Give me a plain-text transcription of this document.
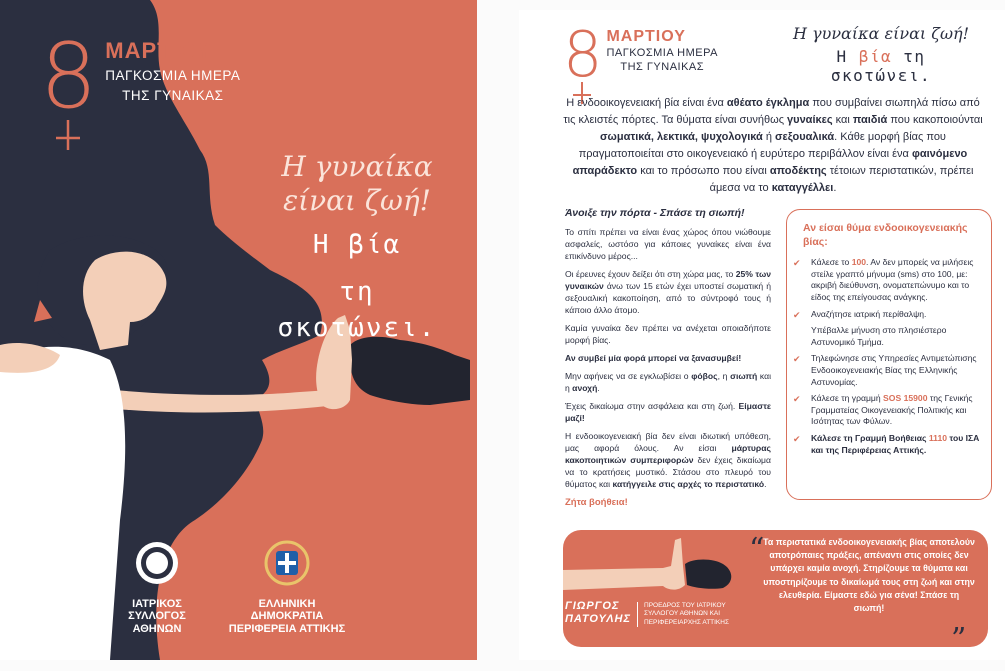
8 ΜΑΡΤΙΟΥ
ΠΑΓΚΟΣΜΙΑ ΗΜΕΡΑ
ΤΗΣ ΓΥΝΑΙΚΑΣ
Η γυναίκα
είναι ζωή!
Η βία
τη σκοτώνει.
ΙΑΤΡΙΚΟΣ
ΣΥΛΛΟΓΟΣ
ΑΘΗΝΩΝ
ΕΛΛΗΝΙΚΗ ΔΗΜΟΚΡΑΤΙΑ
ΠΕΡΙΦΕΡΕΙΑ ΑΤΤΙΚΗΣ
8 ΜΑΡΤΙΟΥ
ΠΑΓΚΟΣΜΙΑ ΗΜΕΡΑ
ΤΗΣ ΓΥΝΑΙΚΑΣ
Η γυναίκα είναι ζωή!
Η βία τη σκοτώνει.
Η ενδοοικογενειακή βία είναι ένα αθέατο έγκλημα που συμβαίνει σιωπηλά πίσω από τις κλειστές πόρτες. Τα θύματα είναι συνήθως γυναίκες και παιδιά που κακοποιούνται σωματικά, λεκτικά, ψυχολογικά ή σεξουαλικά. Κάθε μορφή βίας που πραγματοποιείται στο οικογενειακό ή ευρύτερο περιβάλλον είναι ένα φαινόμενο απαράδεκτο και το πρόσωπο που είναι αποδέκτης τέτοιων περιστατικών, πρέπει άμεσα να το καταγγέλλει.
Άνοιξε την πόρτα - Σπάσε τη σιωπή!

Το σπίτι πρέπει να είναι ένας χώρος όπου νιώθουμε ασφαλείς, ωστόσο για κάποιες γυναίκες είναι ένα επικίνδυνο μέρος...

Οι έρευνες έχουν δείξει ότι στη χώρα μας, το 25% των γυναικών άνω των 15 ετών έχει υποστεί σωματική ή σεξουαλική κακοποίηση, από το σύντροφό τους ή κάποιο άλλο άτομο.

Καμία γυναίκα δεν πρέπει να ανέχεται οποιαδήποτε μορφή βίας.

Αν συμβεί μία φορά μπορεί να ξανασυμβεί!

Μην αφήνεις να σε εγκλωβίσει ο φόβος, η σιωπή και η ανοχή.

Έχεις δικαίωμα στην ασφάλεια και στη ζωή. Είμαστε μαζί!

Η ενδοοικογενειακή βία δεν είναι ιδιωτική υπόθεση, μας αφορά όλους. Αν είσαι μάρτυρας κακοποιητικών συμπεριφορών δεν έχεις δικαίωμα να το κρατήσεις μυστικό. Στάσου στο πλευρό του θύματος και κατήγγειλε στις αρχές το περιστατικό.

Ζήτα βοήθεια!
Αν είσαι θύμα ενδοοικογενειακής βίας:
✔ Κάλεσε το 100. Αν δεν μπορείς να μιλήσεις στείλε γραπτό μήνυμα (sms) στο 100, με: ακριβή διεύθυνση, ονοματεπώνυμο και το είδος της επείγουσας ανάγκης.
✔ Αναζήτησε ιατρική περίθαλψη.
Υπέβαλλε μήνυση στο πλησιέστερο Αστυνομικό Τμήμα.
✔ Τηλεφώνησε στις Υπηρεσίες Αντιμετώπισης Ενδοοικογενειακής Βίας της Ελληνικής Αστυνομίας.
✔ Κάλεσε τη γραμμή SOS 15900 της Γενικής Γραμματείας Οικογενειακής Πολιτικής και Ισότητας των Φύλων.
✔ Κάλεσε τη Γραμμή Βοήθειας 1110 του ΙΣΑ και της Περιφέρειας Αττικής.
“
Τα περιστατικά ενδοοικογενειακής βίας αποτελούν αποτρόπαιες πράξεις, απέναντι στις οποίες δεν υπάρχει καμία ανοχή. Στηρίζουμε τα θύματα και υποστηρίζουμε το δικαίωμά τους στη ζωή και στην ελευθερία. Είμαστε εδώ για σένα! Σπάσε τη σιωπή!
”
ΓΙΩΡΓΟΣ
ΠΑΤΟΥΛΗΣ
ΠΡΟΕΔΡΟΣ ΤΟΥ ΙΑΤΡΙΚΟΥ ΣΥΛΛΟΓΟΥ ΑΘΗΝΩΝ ΚΑΙ ΠΕΡΙΦΕΡΕΙΑΡΧΗΣ ΑΤΤΙΚΗΣ
